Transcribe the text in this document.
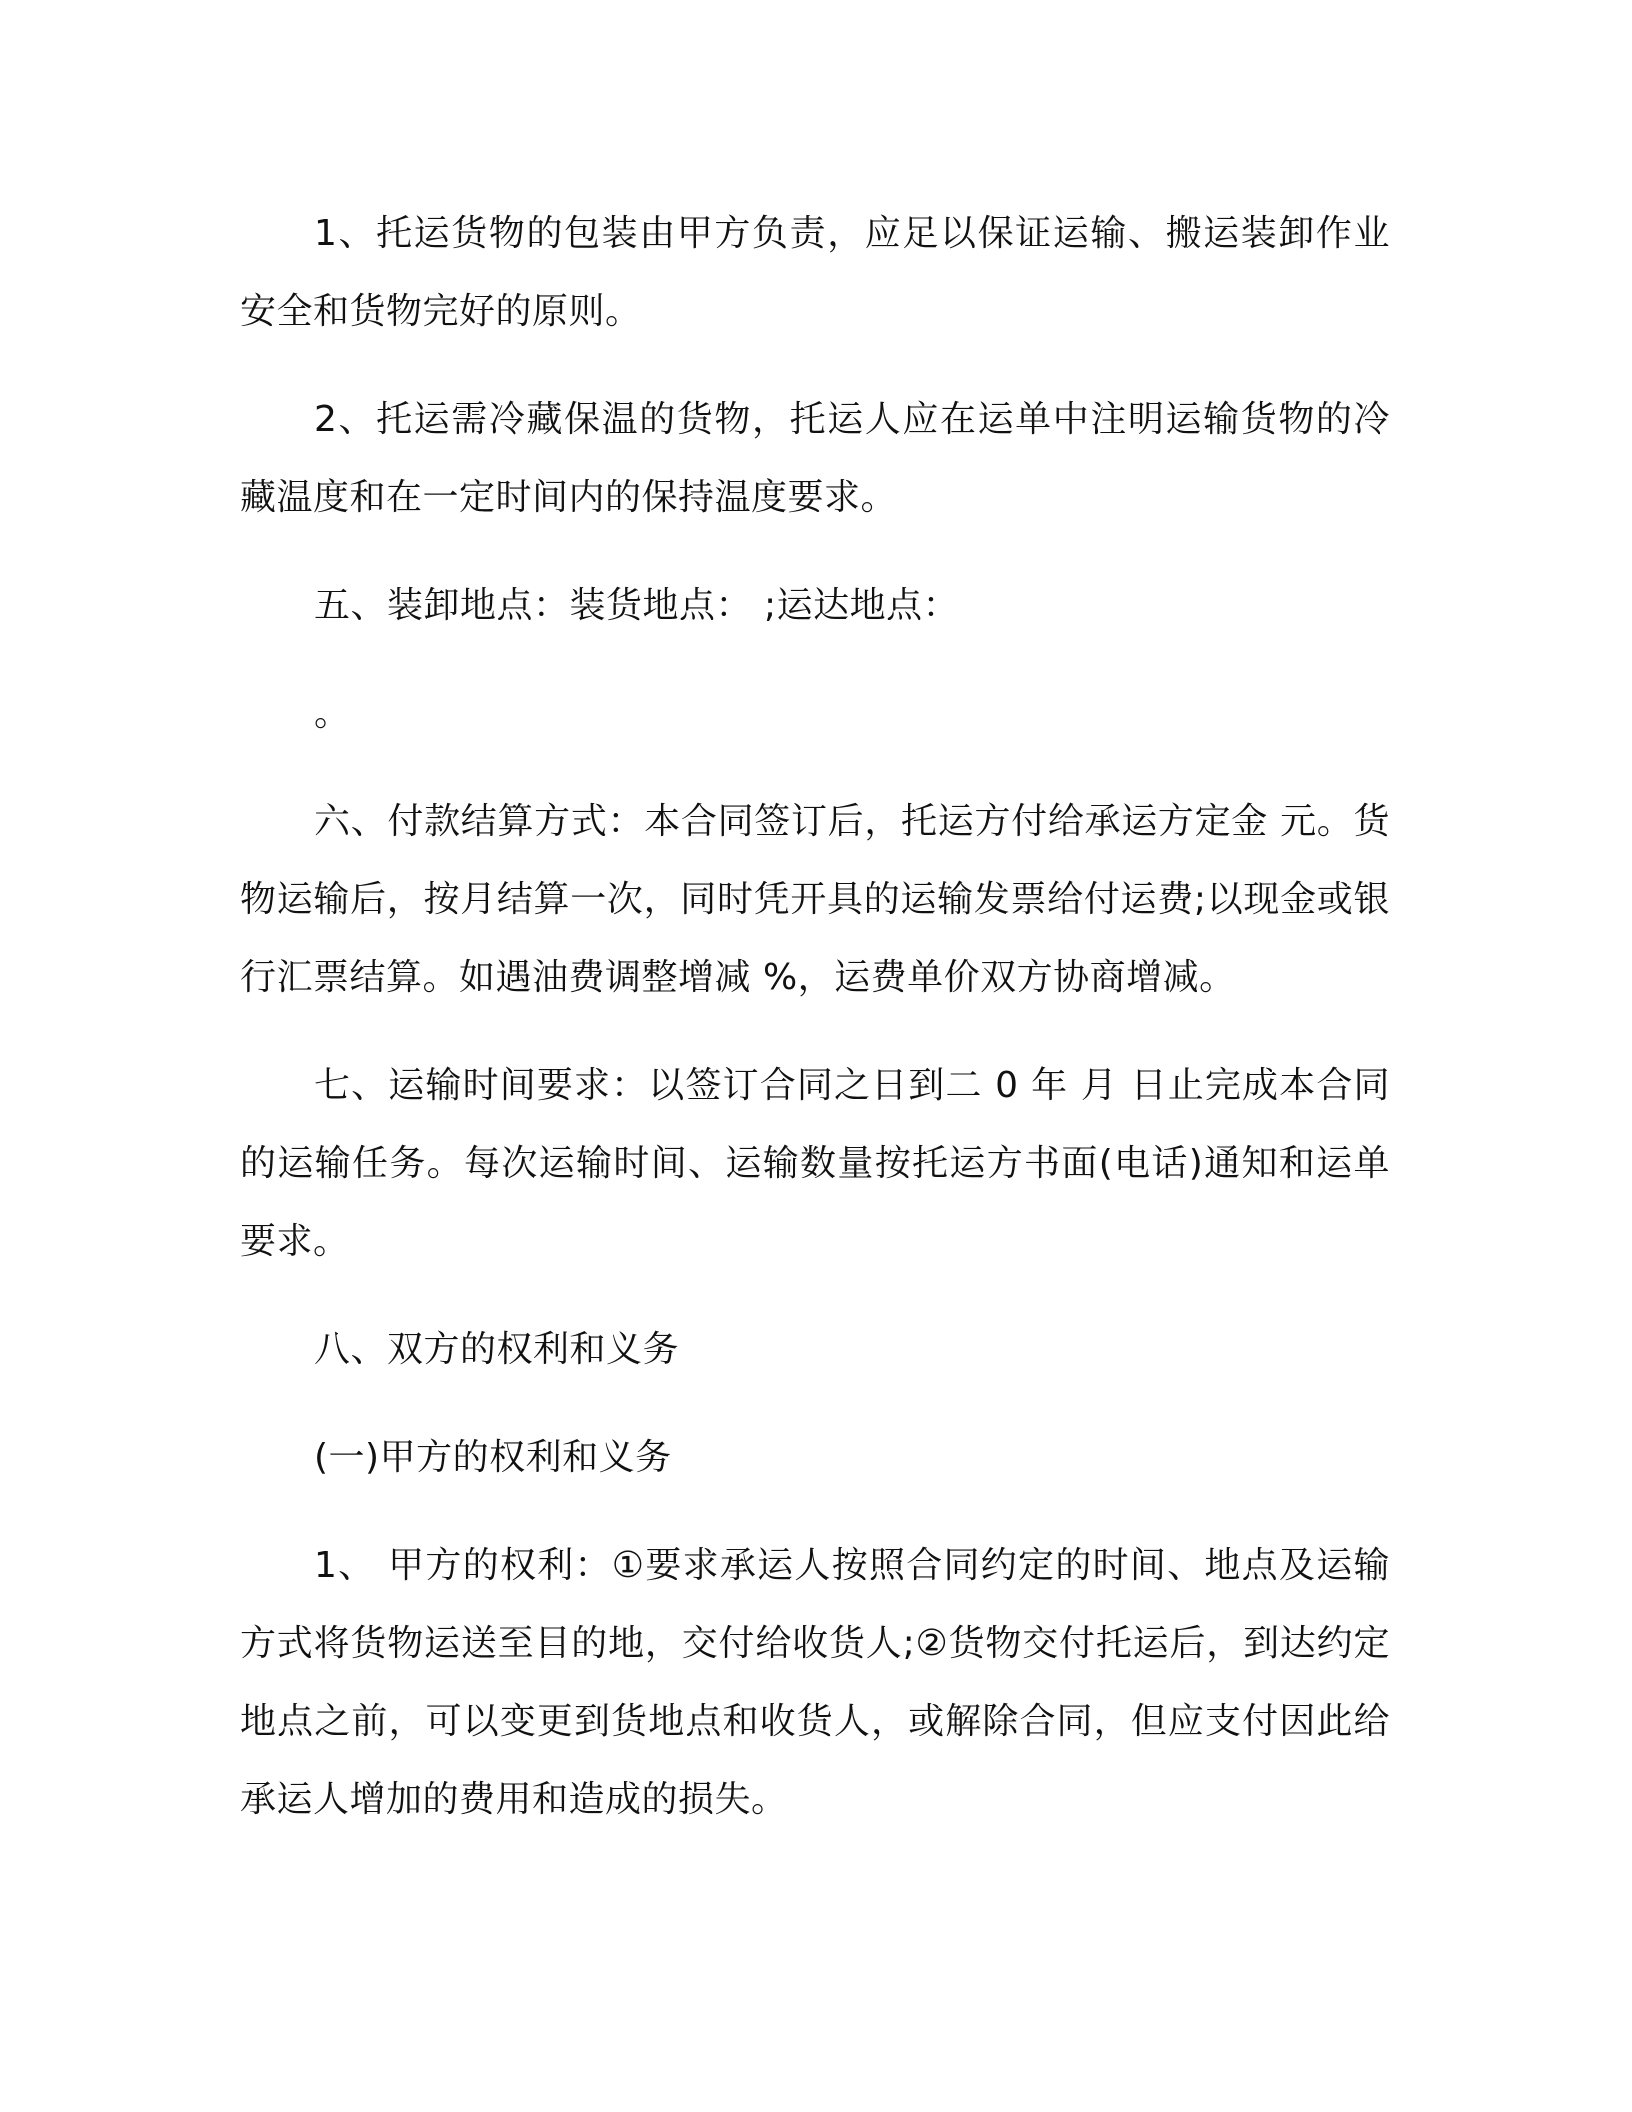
1、托运货物的包装由甲方负责，应足以保证运输、搬运装卸作业安全和货物完好的原则。

2、托运需冷藏保温的货物，托运人应在运单中注明运输货物的冷藏温度和在一定时间内的保持温度要求。

五、装卸地点：装货地点： ;运达地点：

。

六、付款结算方式：本合同签订后，托运方付给承运方定金 元。货物运输后，按月结算一次，同时凭开具的运输发票给付运费;以现金或银行汇票结算。如遇油费调整增减 %，运费单价双方协商增减。

七、运输时间要求：以签订合同之日到二 0 年 月 日止完成本合同的运输任务。每次运输时间、运输数量按托运方书面(电话)通知和运单要求。

八、双方的权利和义务

(一)甲方的权利和义务

1、 甲方的权利：①要求承运人按照合同约定的时间、地点及运输方式将货物运送至目的地，交付给收货人;②货物交付托运后，到达约定地点之前，可以变更到货地点和收货人，或解除合同，但应支付因此给承运人增加的费用和造成的损失。
